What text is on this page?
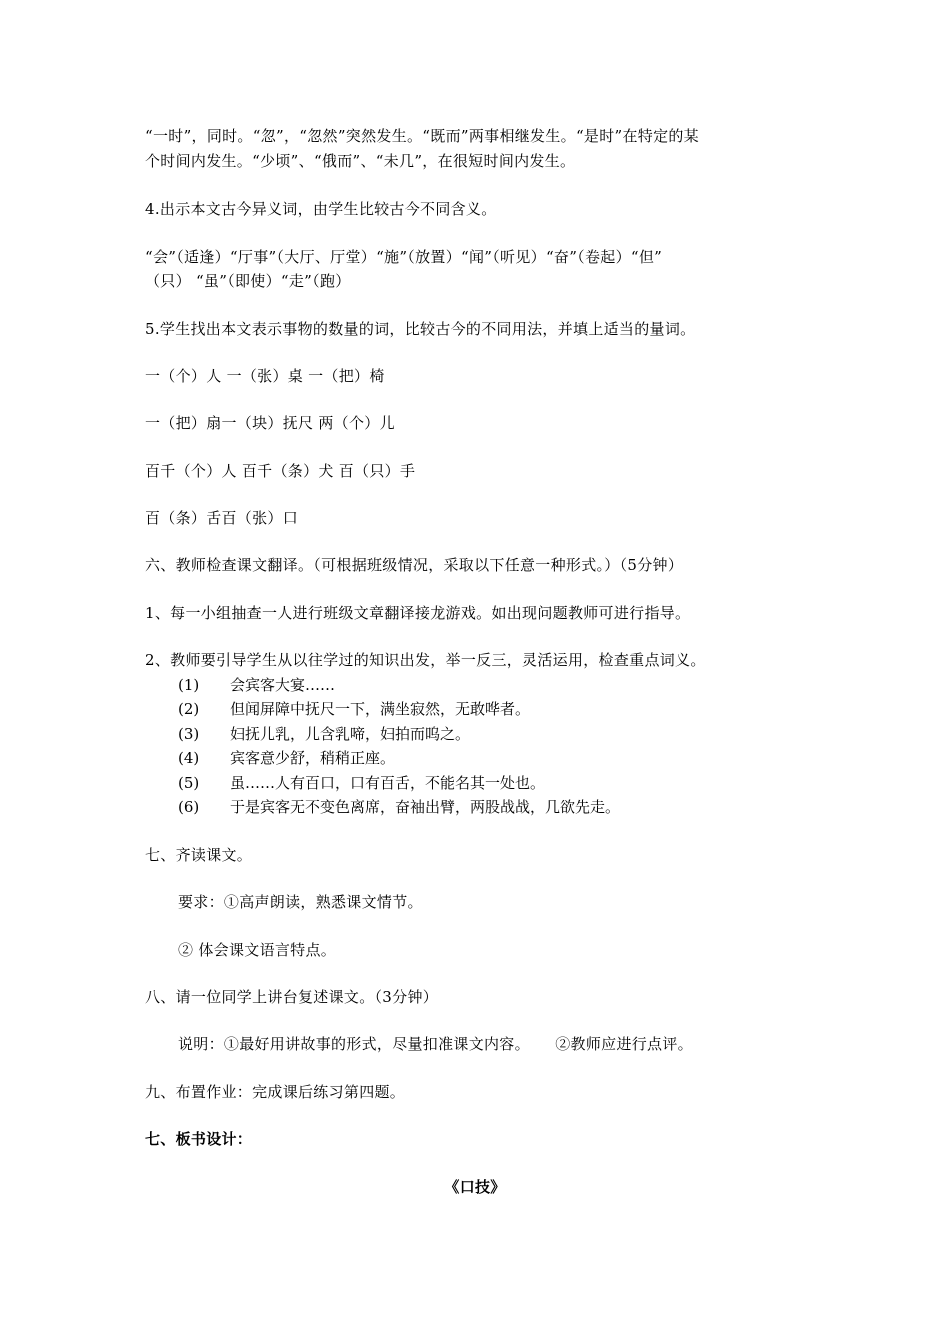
“一时”，同时。“忽”，“忽然”突然发生。“既而”两事相继发生。“是时”在特定的某
个时间内发生。“少顷”、“俄而”、“未几”，在很短时间内发生。
4.出示本文古今异义词，由学生比较古今不同含义。
“会”（适逢）“厅事”（大厅、厅堂）“施”（放置）“闻”（听见）“奋”（卷起）“但”
（只） “虽”（即使）“走”（跑）
5.学生找出本文表示事物的数量的词，比较古今的不同用法，并填上适当的量词。
一（个）人 一（张）桌 一（把）椅
一（把）扇一（块）抚尺 两（个）儿
百千（个）人 百千（条）犬 百（只）手
百（条）舌百（张）口
六、教师检查课文翻译。（可根据班级情况，采取以下任意一种形式。）（5分钟）
1、每一小组抽查一人进行班级文章翻译接龙游戏。如出现问题教师可进行指导。
2、教师要引导学生从以往学过的知识出发，举一反三，灵活运用，检查重点词义。
(1) 会宾客大宴……
(2) 但闻屏障中抚尺一下，满坐寂然，无敢哗者。
(3) 妇抚儿乳，儿含乳啼，妇拍而呜之。
(4) 宾客意少舒，稍稍正座。
(5) 虽……人有百口，口有百舌，不能名其一处也。
(6) 于是宾客无不变色离席，奋袖出臂，两股战战，几欲先走。
七、齐读课文。
要求：①高声朗读，熟悉课文情节。
② 体会课文语言特点。
八、请一位同学上讲台复述课文。（3分钟）
说明：①最好用讲故事的形式，尽量扣准课文内容。     ②教师应进行点评。
九、布置作业：完成课后练习第四题。
七、板书设计：
《口技》
